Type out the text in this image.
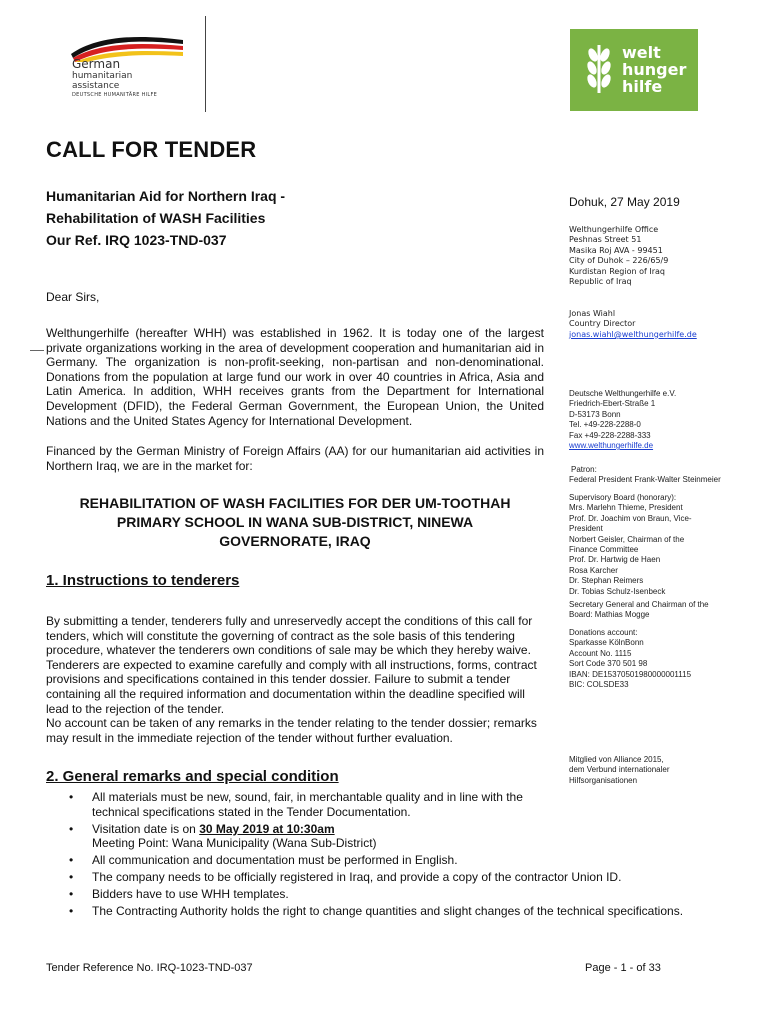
German
humanitarian
assistance
DEUTSCHE HUMANITÄRE HILFE
welt
hunger
hilfe
CALL FOR TENDER
Humanitarian Aid for Northern Iraq -
Rehabilitation of WASH Facilities
Our Ref. IRQ 1023-TND-037
Dohuk, 27 May 2019
Welthungerhilfe Office
Peshnas Street 51
Masika Roj AVA - 99451
City of Duhok – 226/65/9
Kurdistan Region of Iraq
Republic of Iraq
Jonas Wiahl
Country Director
jonas.wiahl@welthungerhilfe.de
Deutsche Welthungerhilfe e.V.
Friedrich-Ebert-Straße 1
D-53173 Bonn
Tel. +49-228-2288-0
Fax +49-228-2288-333
www.welthungerhilfe.de
Patron:
Federal President Frank-Walter Steinmeier
Supervisory Board (honorary):
Mrs. Marlehn Thieme, President
Prof. Dr. Joachim von Braun, Vice-
President
Norbert Geisler, Chairman of the
Finance Committee
Prof. Dr. Hartwig de Haen
Rosa Karcher
Dr. Stephan Reimers
Dr. Tobias Schulz-Isenbeck
Secretary General and Chairman of the
Board: Mathias Mogge
Donations account:
Sparkasse KölnBonn
Account No. 1115
Sort Code 370 501 98
IBAN: DE15370501980000001115
BIC: COLSDE33
Mitglied von Alliance 2015,
dem Verbund internationaler
Hilfsorganisationen
Dear Sirs,
Welthungerhilfe (hereafter WHH) was established in 1962. It is today one of the largest private organizations working in the area of development cooperation and humanitarian aid in Germany. The organization is non-profit-seeking, non-partisan and non-denominational. Donations from the population at large fund our work in over 40 countries in Africa, Asia and Latin America. In addition, WHH receives grants from the Department for International Development (DFID), the Federal German Government, the European Union, the United Nations and the United States Agency for International Development.
Financed by the German Ministry of Foreign Affairs (AA) for our humanitarian aid activities in Northern Iraq, we are in the market for:
REHABILITATION OF WASH FACILITIES FOR DER UM-TOOTHAH
PRIMARY SCHOOL IN WANA SUB-DISTRICT, NINEWA
GOVERNORATE, IRAQ
1. Instructions to tenderers
By submitting a tender, tenderers fully and unreservedly accept the conditions of this call for tenders, which will constitute the governing of contract as the sole basis of this tendering procedure, whatever the tenderers own conditions of sale may be which they hereby waive. Tenderers are expected to examine carefully and comply with all instructions, forms, contract provisions and specifications contained in this tender dossier. Failure to submit a tender containing all the required information and documentation within the deadline specified will lead to the rejection of the tender.
No account can be taken of any remarks in the tender relating to the tender dossier; remarks may result in the immediate rejection of the tender without further evaluation.
2. General remarks and special condition
• All materials must be new, sound, fair, in merchantable quality and in line with the technical specifications stated in the Tender Documentation.
• Visitation date is on 30 May 2019 at 10:30am
Meeting Point: Wana Municipality (Wana Sub-District)
• All communication and documentation must be performed in English.
• The company needs to be officially registered in Iraq, and provide a copy of the contractor Union ID.
• Bidders have to use WHH templates.
• The Contracting Authority holds the right to change quantities and slight changes of the technical specifications.
Tender Reference No. IRQ-1023-TND-037	Page - 1 - of 33
